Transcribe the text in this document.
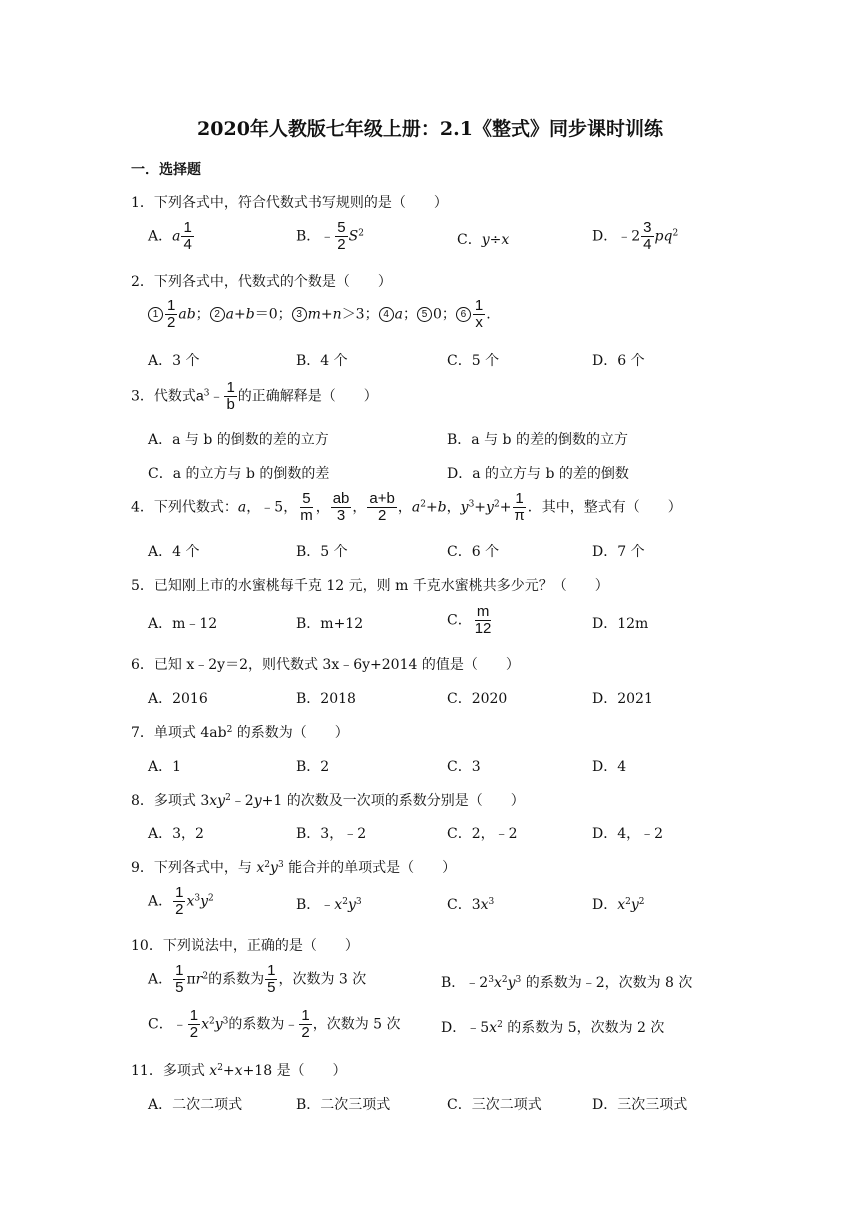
2020年人教版七年级上册：2.1《整式》同步课时训练
一．选择题
1．下列各式中，符合代数式书写规则的是（　　）
A．a $\frac{1}{4}$	B．﹣ $\frac{5}{2} S^2$	C．y÷x	D．﹣2 $\frac{3}{4} pq^2$
2．下列各式中，代数式的个数是（　　）
$1 \frac{1}{2}$ ab； 2 a+b＝0； 3 m+n＞3； 4 a； 5 0； $6 \frac{1}{x}$ .
A．3 个	B．4 个	C．5 个	D．6 个
3．代数式$a^3﹣ \frac{1}{b}$ 的正确解释是（　　）
A．a 与 b 的倒数的差的立方	B．a 与 b 的差的倒数的立方
C．a 的立方与 b 的倒数的差	D．a 的立方与 b 的差的倒数
4．下列代数式：a，﹣5， $\frac{5}{m}$ ， $\frac{ab}{3}$ ， $\frac{a+b}{2}$ ，$a^2+b$，$y^3+y^2+ \frac{1}{\pi}$ ．其中，整式有（　　）
A．4 个	B．5 个	C．6 个	D．7 个
5．已知刚上市的水蜜桃每千克 12 元，则 m 千克水蜜桃共多少元？（　　）
A．m﹣12	B．m+12	C． $\frac{m}{12}$	D．12m
6．已知 x﹣2y＝2，则代数式 3x﹣6y+2014 的值是（　　）
A．2016	B．2018	C．2020	D．2021
7．单项式 $4ab^2$ 的系数为（　　）
A．1	B．2	C．3	D．4
8．多项式 $3xy^2﹣2y+1$ 的次数及一次项的系数分别是（　　）
A．3，2	B．3，﹣2	C．2，﹣2	D．4，﹣2
9．下列各式中，与 $x^2y^3$ 能合并的单项式是（　　）
A． $\frac{1}{2} x^3y^2$	B．$﹣x^2y^3$	C．$3x^3$	D．$x^2y^2$
10．下列说法中，正确的是（　　）
A． $\frac{1}{5} \pi r^2$的系数为 $\frac{1}{5}$ ，次数为 3 次	B．$﹣2^3x^2y^3$ 的系数为﹣2，次数为 8 次
C．﹣ $\frac{1}{2} x^2y^3$的系数为﹣ $\frac{1}{2}$ ，次数为 5 次	D．$﹣5x^2$ 的系数为 5，次数为 2 次
11．多项式 $x^2+x+18$ 是（　　）
A．二次二项式	B．二次三项式	C．三次二项式	D．三次三项式
